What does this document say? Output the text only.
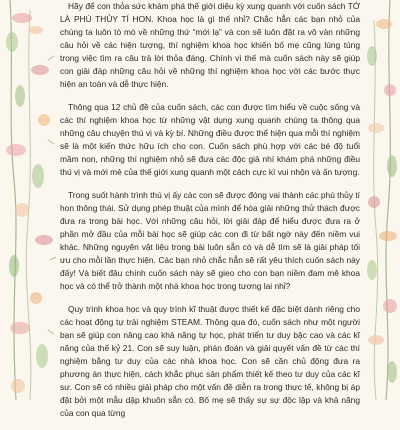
Hãy để con thỏa sức khám phá thế giới diệu kỳ xung quanh với cuốn sách TỚ LÀ PHÙ THỦY TÍ HON. Khoa học là gì thế nhỉ? Chắc hẳn các bạn nhỏ của chúng ta luôn tò mò về những thứ “mới lạ” và con sẽ luôn đặt ra vô vàn những câu hỏi về các hiện tượng, thí nghiệm khoa học khiến bố mẹ cũng lúng túng trong việc tìm ra câu trả lời thỏa đáng. Chính vì thế mà cuốn sách này sẽ giúp con giải đáp những câu hỏi về những thí nghiệm khoa học với các bước thực hiện an toàn và dễ thực hiện.

Thông qua 12 chủ đề của cuốn sách, các con được tìm hiểu về cuộc sống và các thí nghiệm khoa học từ những vật dụng xung quanh chúng ta thông qua những câu chuyện thú vị và kỳ bí. Những điều được thể hiện qua mỗi thí nghiệm sẽ là một kiến thức hữu ích cho con. Cuốn sách phù hợp với các bé độ tuổi mầm non, những thí nghiệm nhỏ sẽ đưa các độc giả nhí khám phá những điều thú vị và mới mẻ của thế giới xung quanh một cách cực kì vui nhộn và ấn tượng.

Trong suốt hành trình thú vị ấy các con sẽ được đóng vai thành các phù thủy tí hon thông thái. Sử dụng phép thuật của mình để hóa giải những thử thách được đưa ra trong bài học. Với những câu hỏi, lời giải đáp để hiểu được đưa ra ở phần mở đầu của mỗi bài học sẽ giúp các con đi từ bất ngờ này đến niềm vui khác. Những nguyên vật liệu trong bài luôn sẵn có và dễ tìm sẽ là giải pháp tối ưu cho mỗi lần thực hiện. Các bạn nhỏ chắc hẳn sẽ rất yêu thích cuốn sách này đấy! Và biết đâu chính cuốn sách này sẽ gieo cho con bạn niềm đam mê khoa học và có thể trở thành một nhà khoa học trong tương lai nhỉ?

Quy trình khoa học và quy trình kĩ thuật được thiết kế đặc biệt dành riêng cho các hoạt động tự trải nghiệm STEAM. Thông qua đó, cuốn sách như một người bạn sẽ giúp con nâng cao khả năng tự học, phát triển tư duy bậc cao và các kĩ năng của thế kỷ 21. Con sẽ suy luận, phán đoán và giải quyết vấn đề từ các thí nghiệm bằng tư duy của các nhà khoa học. Con sẽ cần chủ động đưa ra phương án thực hiện, cách khắc phục sản phẩm thiết kế theo tư duy của các kĩ sư. Con sẽ có nhiều giải pháp cho một vấn đề diễn ra trong thực tế, không bị áp đặt bởi một mẫu dập khuôn sẵn có. Bố mẹ sẽ thấy sự sự độc lập và khả năng của con qua từng
